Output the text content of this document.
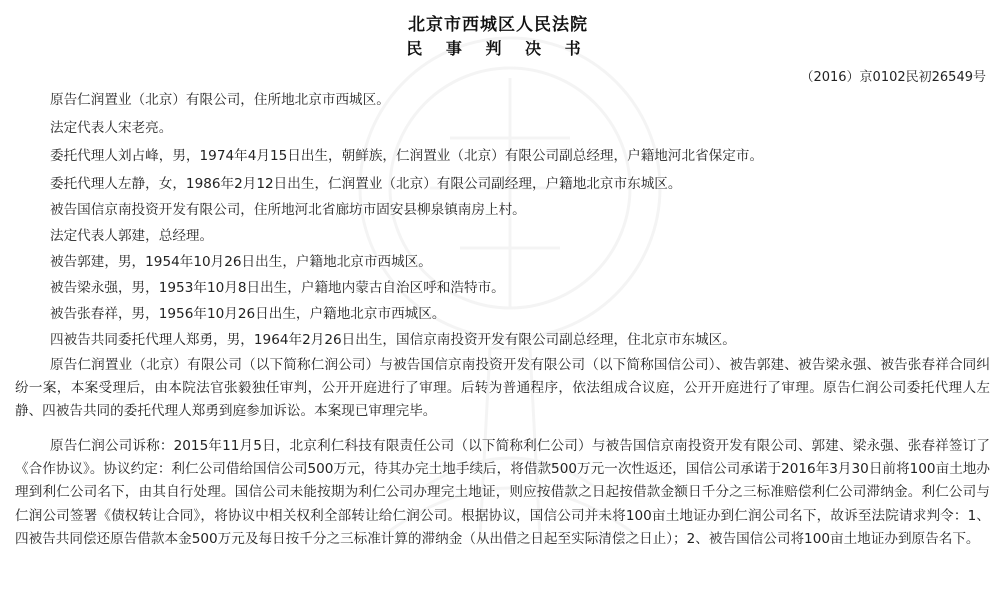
北京市西城区人民法院
民 事 判 决 书
（2016）京0102民初26549号
原告仁润置业（北京）有限公司，住所地北京市西城区。
法定代表人宋老亮。
委托代理人刘占峰，男，1974年4月15日出生，朝鲜族，仁润置业（北京）有限公司副总经理，户籍地河北省保定市。
委托代理人左静，女，1986年2月12日出生，仁润置业（北京）有限公司副经理，户籍地北京市东城区。
被告国信京南投资开发有限公司，住所地河北省廊坊市固安县柳泉镇南房上村。
法定代表人郭建，总经理。
被告郭建，男，1954年10月26日出生，户籍地北京市西城区。
被告梁永强，男，1953年10月8日出生，户籍地内蒙古自治区呼和浩特市。
被告张春祥，男，1956年10月26日出生，户籍地北京市西城区。
四被告共同委托代理人郑勇，男，1964年2月26日出生，国信京南投资开发有限公司副总经理，住北京市东城区。
原告仁润置业（北京）有限公司（以下简称仁润公司）与被告国信京南投资开发有限公司（以下简称国信公司）、被告郭建、被告梁永强、被告张春祥合同纠纷一案，本案受理后，由本院法官张毅独任审判，公开开庭进行了审理。后转为普通程序，依法组成合议庭，公开开庭进行了审理。原告仁润公司委托代理人左静、四被告共同的委托代理人郑勇到庭参加诉讼。本案现已审理完毕。
原告仁润公司诉称：2015年11月5日，北京利仁科技有限责任公司（以下简称利仁公司）与被告国信京南投资开发有限公司、郭建、梁永强、张春祥签订了《合作协议》。协议约定：利仁公司借给国信公司500万元，待其办完土地手续后，将借款500万元一次性返还，国信公司承诺于2016年3月30日前将100亩土地办理到利仁公司名下，由其自行处理。国信公司未能按期为利仁公司办理完土地证，则应按借款之日起按借款金额日千分之三标准赔偿利仁公司滞纳金。利仁公司与仁润公司签署《债权转让合同》，将协议中相关权利全部转让给仁润公司。根据协议，国信公司并未将100亩土地证办到仁润公司名下，故诉至法院请求判令：1、四被告共同偿还原告借款本金500万元及每日按千分之三标准计算的滞纳金（从出借之日起至实际清偿之日止）；2、被告国信公司将100亩土地证办到原告名下。
